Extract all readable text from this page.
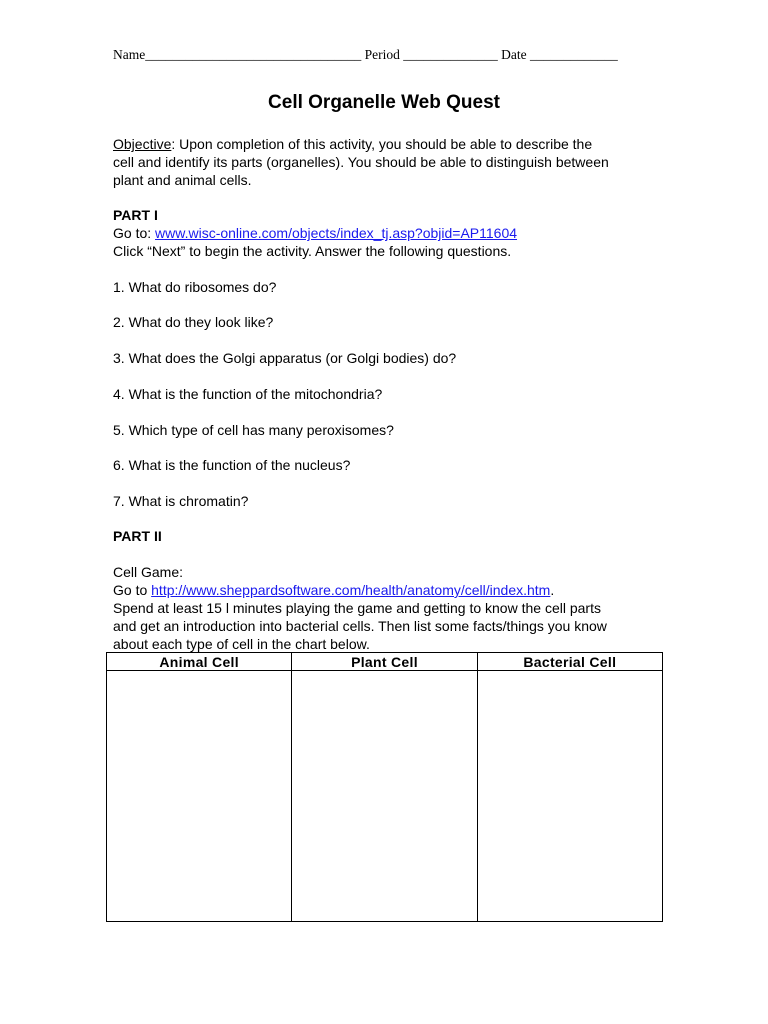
Name________________________________ Period ______________ Date _____________
Cell Organelle Web Quest
Objective: Upon completion of this activity, you should be able to describe the
cell and identify its parts (organelles). You should be able to distinguish between
plant and animal cells.
PART I
Go to: www.wisc-online.com/objects/index_tj.asp?objid=AP11604
Click “Next” to begin the activity. Answer the following questions.
1. What do ribosomes do?
2. What do they look like?
3. What does the Golgi apparatus (or Golgi bodies) do?
4. What is the function of the mitochondria?
5. Which type of cell has many peroxisomes?
6. What is the function of the nucleus?
7. What is chromatin?
PART II
Cell Game:
Go to http://www.sheppardsoftware.com/health/anatomy/cell/index.htm.
Spend at least 15 l minutes playing the game and getting to know the cell parts
and get an introduction into bacterial cells. Then list some facts/things you know
about each type of cell in the chart below.
Animal Cell	Plant Cell	Bacterial Cell
